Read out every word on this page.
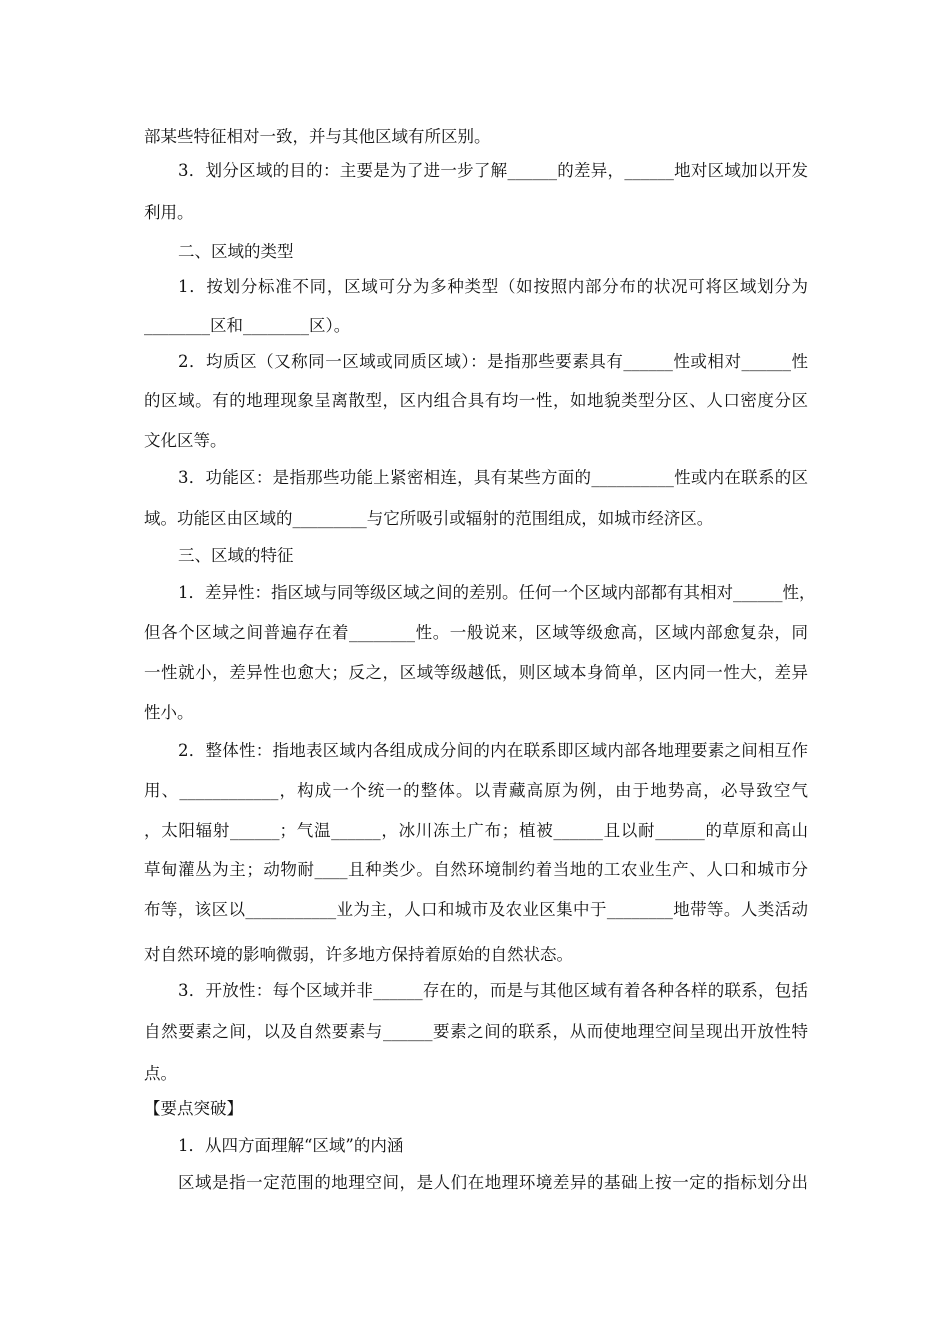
部某些特征相对一致，并与其他区域有所区别。
3．划分区域的目的：主要是为了进一步了解______的差异，______地对区域加以开发
利用。
二、区域的类型
1．按划分标准不同，区域可分为多种类型（如按照内部分布的状况可将区域划分为
________区和________区）。
2．均质区（又称同一区域或同质区域）：是指那些要素具有______性或相对______性
的区域。有的地理现象呈离散型，区内组合具有均一性，如地貌类型分区、人口密度分区
文化区等。
3．功能区：是指那些功能上紧密相连，具有某些方面的__________性或内在联系的区
域。功能区由区域的_________与它所吸引或辐射的范围组成，如城市经济区。
三、区域的特征
1．差异性：指区域与同等级区域之间的差别。任何一个区域内部都有其相对______性，
但各个区域之间普遍存在着________性。一般说来，区域等级愈高，区域内部愈复杂，同
一性就小，差异性也愈大；反之，区域等级越低，则区域本身简单，区内同一性大，差异
性小。
2．整体性：指地表区域内各组成成分间的内在联系即区域内部各地理要素之间相互作
用、____________，构成一个统一的整体。以青藏高原为例，由于地势高，必导致空气
，太阳辐射______；气温______，冰川冻土广布；植被______且以耐______的草原和高山
草甸灌丛为主；动物耐____且种类少。自然环境制约着当地的工农业生产、人口和城市分
布等，该区以___________业为主，人口和城市及农业区集中于________地带等。人类活动
对自然环境的影响微弱，许多地方保持着原始的自然状态。
3．开放性：每个区域并非______存在的，而是与其他区域有着各种各样的联系，包括
自然要素之间，以及自然要素与______要素之间的联系，从而使地理空间呈现出开放性特
点。
【要点突破】
1．从四方面理解“区域”的内涵
区域是指一定范围的地理空间，是人们在地理环境差异的基础上按一定的指标划分出
